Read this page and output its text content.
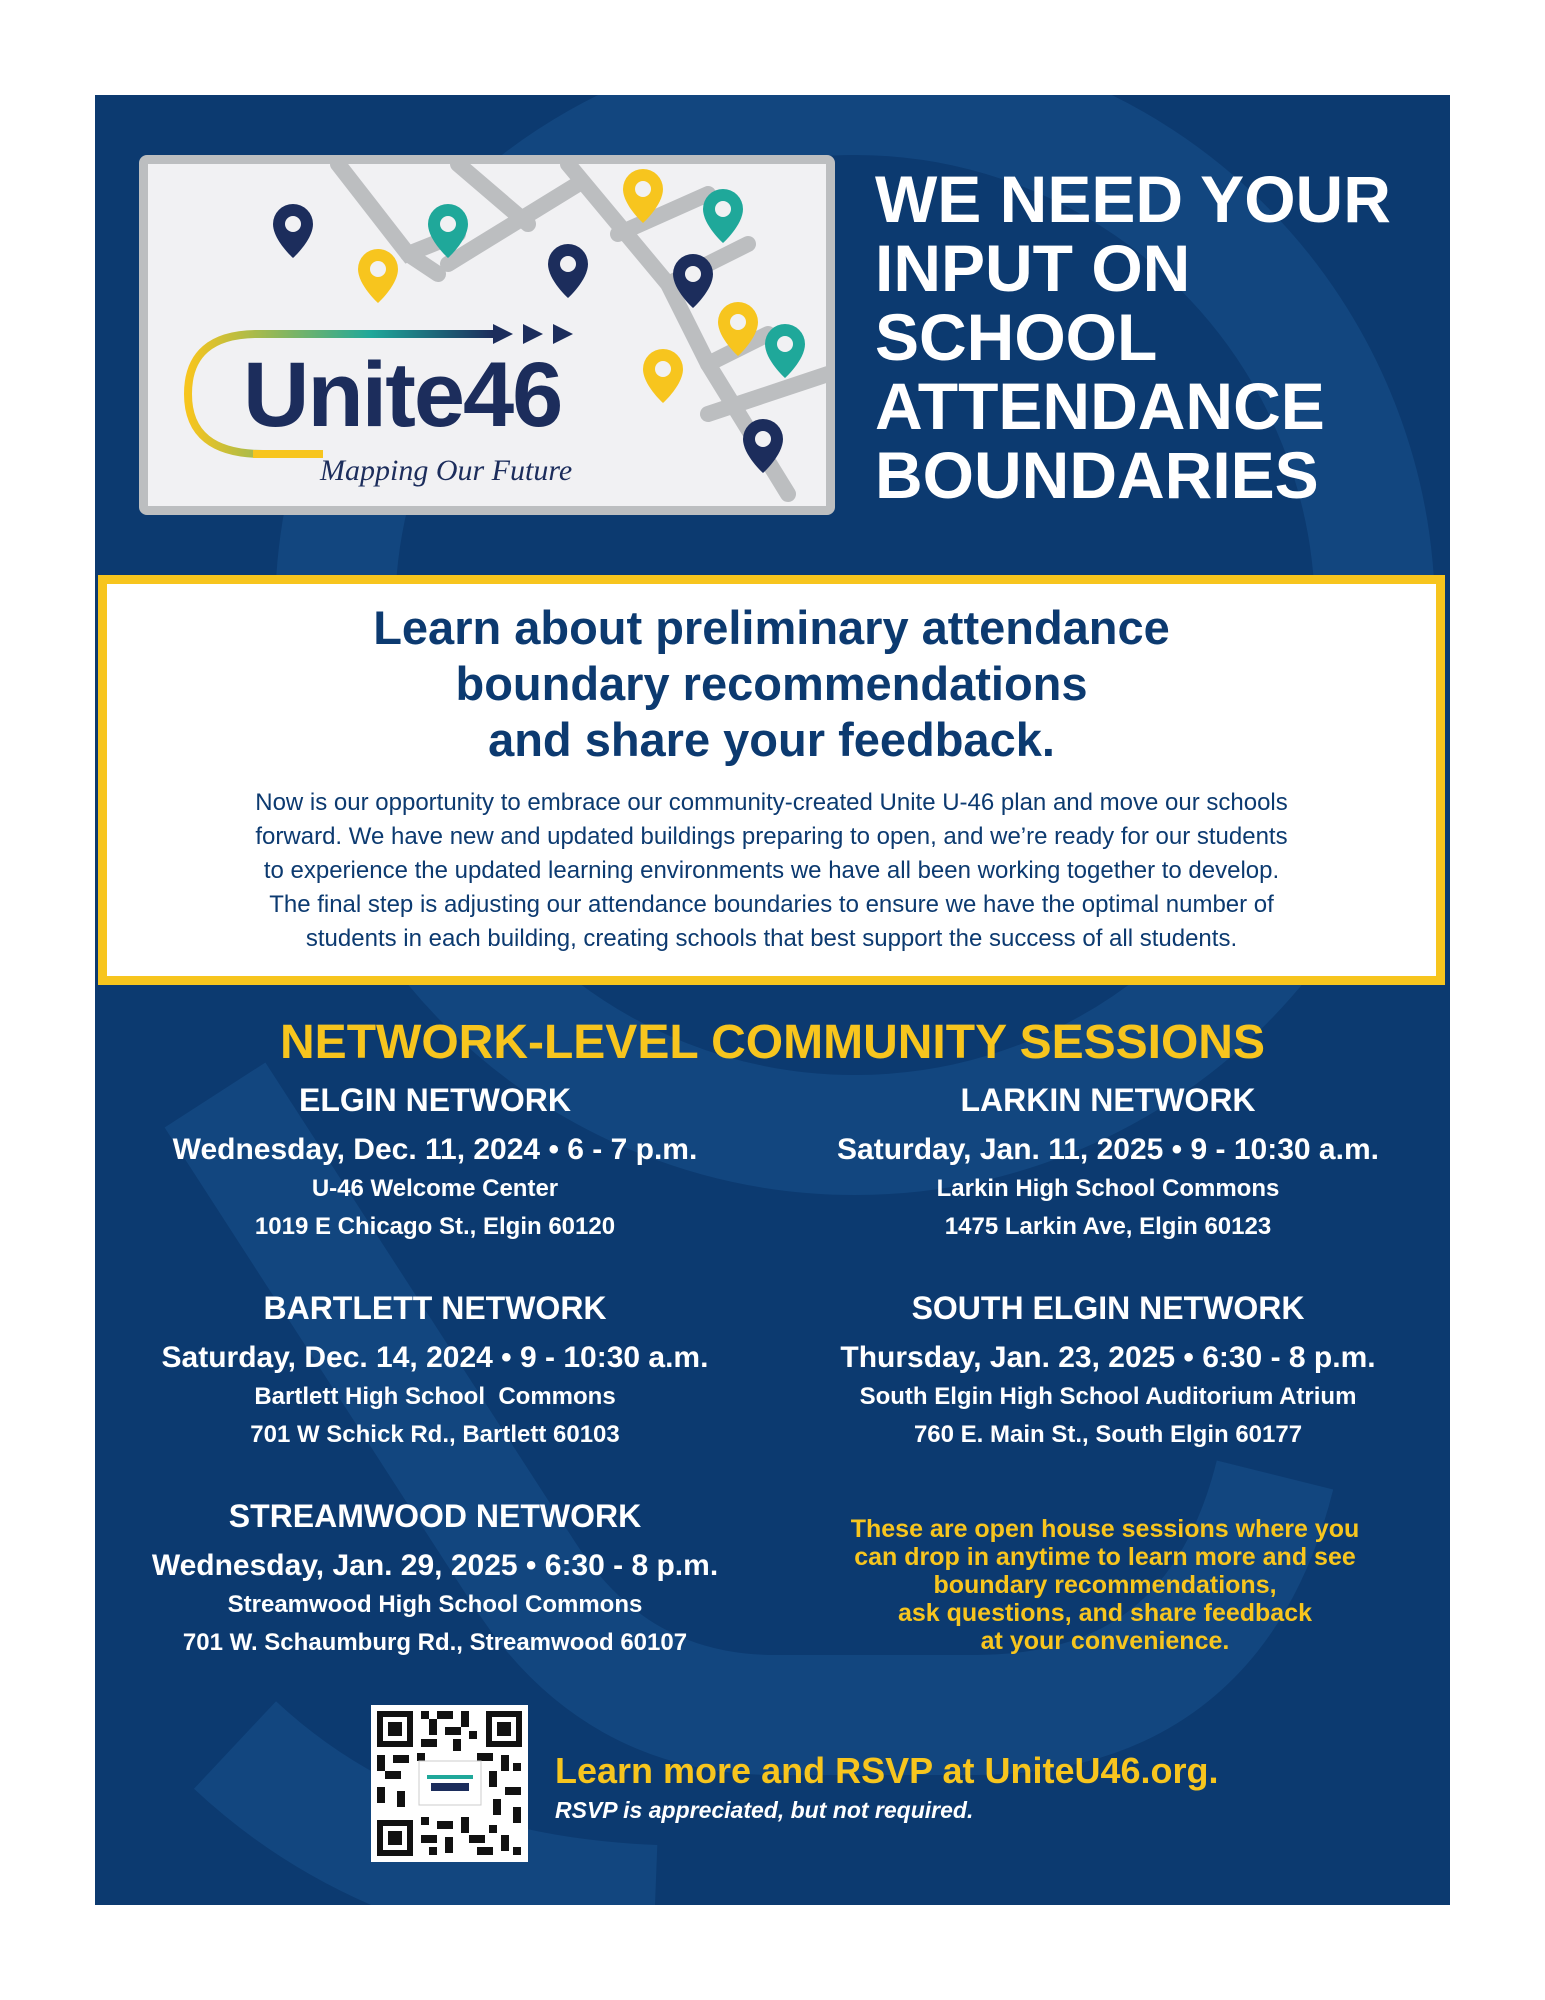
Unite46
Mapping Our Future
WE NEED YOUR
INPUT ON
SCHOOL
ATTENDANCE
BOUNDARIES
Learn about preliminary attendance
boundary recommendations
and share your feedback.
Now is our opportunity to embrace our community-created Unite U-46 plan and move our schools
forward. We have new and updated buildings preparing to open, and we’re ready for our students
to experience the updated learning environments we have all been working together to develop.
The final step is adjusting our attendance boundaries to ensure we have the optimal number of
students in each building, creating schools that best support the success of all students.
NETWORK-LEVEL COMMUNITY SESSIONS
ELGIN NETWORK
Wednesday, Dec. 11, 2024 • 6 - 7 p.m.
U-46 Welcome Center
1019 E Chicago St., Elgin 60120
LARKIN NETWORK
Saturday, Jan. 11, 2025 • 9 - 10:30 a.m.
Larkin High School Commons
1475 Larkin Ave, Elgin 60123
BARTLETT NETWORK
Saturday, Dec. 14, 2024 • 9 - 10:30 a.m.
Bartlett High School  Commons
701 W Schick Rd., Bartlett 60103
SOUTH ELGIN NETWORK
Thursday, Jan. 23, 2025 • 6:30 - 8 p.m.
South Elgin High School Auditorium Atrium
760 E. Main St., South Elgin 60177
STREAMWOOD NETWORK
Wednesday, Jan. 29, 2025 • 6:30 - 8 p.m.
Streamwood High School Commons
701 W. Schaumburg Rd., Streamwood 60107
These are open house sessions where you
can drop in anytime to learn more and see
boundary recommendations,
ask questions, and share feedback
at your convenience.
Learn more and RSVP at UniteU46.org.
RSVP is appreciated, but not required.
